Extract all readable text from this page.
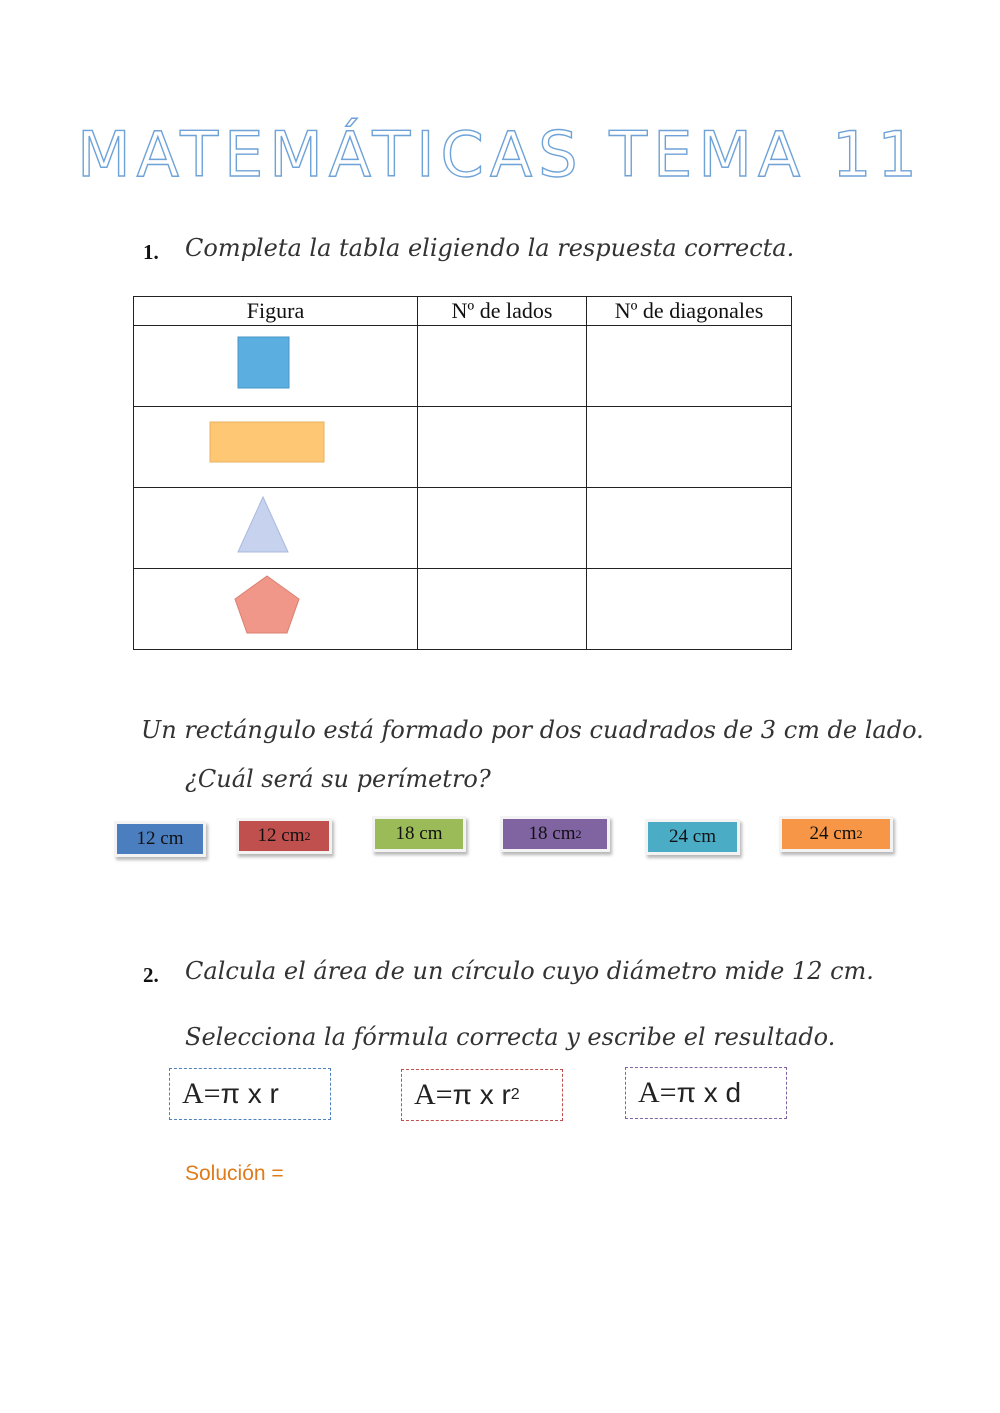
MATEMÁTICAS TEMA 11
1. Completa la tabla eligiendo la respuesta correcta.
Figura	Nº de lados	Nº de diagonales

Un rectángulo está formado por dos cuadrados de 3 cm de lado.
¿Cuál será su perímetro?
12 cm	12 cm 2	18 cm	18 cm 2	24 cm	24 cm 2
2. Calcula el área de un círculo cuyo diámetro mide 12 cm.
Selecciona la fórmula correcta y escribe el resultado.
A= π x r	A= π x r 2	A= π x d
Solución =
